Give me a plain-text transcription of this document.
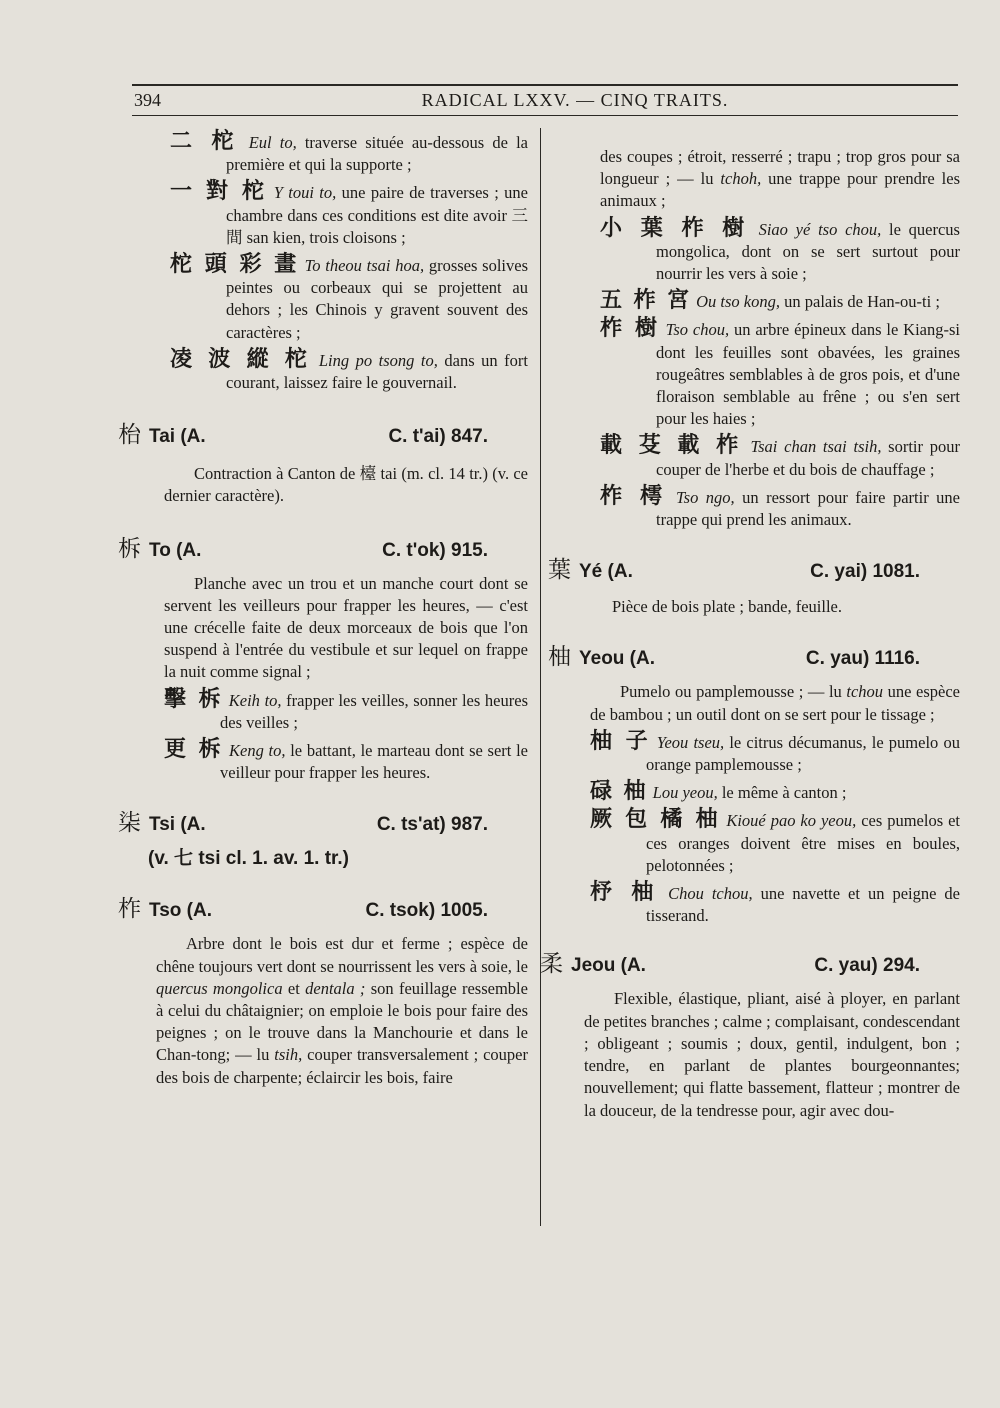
394	RADICAL LXXV. — CINQ TRAITS.

二 柁 Eul to, traverse située au-dessous de la première et qui la supporte ;

一 對 柁 Y toui to, une paire de traverses ; une chambre dans ces conditions est dite avoir 三 間 san kien, trois cloisons ;

柁 頭 彩 畫 To theou tsai hoa, grosses solives peintes ou corbeaux qui se projettent au dehors ; les Chinois y gravent souvent des caractères ;

凌 波 縱 柁 Ling po tsong to, dans un fort courant, laissez faire le gouvernail.

枱 Tai (A.	C. t'ai) 847.

Contraction à Canton de 檯 tai (m. cl. 14 tr.) (v. ce dernier caractère).

柝 To (A.	C. t'ok) 915.

Planche avec un trou et un manche court dont se servent les veilleurs pour frapper les heures, — c'est une crécelle faite de deux morceaux de bois que l'on suspend à l'entrée du vestibule et sur lequel on frappe la nuit comme signal ;

擊 柝 Keih to, frapper les veilles, sonner les heures des veilles ;

更 柝 Keng to, le battant, le marteau dont se sert le veilleur pour frapper les heures.

柒 Tsi (A.	C. ts'at) 987.
(v. 七 tsi cl. 1. av. 1. tr.)
柞 Tso (A.	C. tsok) 1005.

Arbre dont le bois est dur et ferme ; espèce de chêne toujours vert dont se nourrissent les vers à soie, le quercus mongolica et dentala ; son feuillage ressemble à celui du châtaignier; on emploie le bois pour faire des peignes ; on le trouve dans la Manchourie et dans le Chan-tong; — lu tsih, couper transversalement ; couper des bois de charpente; éclaircir les bois, faire

des coupes ; étroit, resserré ; trapu ; trop gros pour sa longueur ; — lu tchoh, une trappe pour prendre les animaux ;

小 葉 柞 樹 Siao yé tso chou, le quercus mongolica, dont on se sert surtout pour nourrir les vers à soie ;

五 柞 宮 Ou tso kong, un palais de Han-ou-ti ;

柞 樹 Tso chou, un arbre épineux dans le Kiang-si dont les feuilles sont obavées, les graines rougeâtres semblables à de gros pois, et d'une floraison semblable au frêne ; ou s'en sert pour les haies ;

載 芟 載 柞 Tsai chan tsai tsih, sortir pour couper de l'herbe et du bois de chauffage ;

柞 樗 Tso ngo, un ressort pour faire partir une trappe qui prend les animaux.

葉 Yé (A.	C. yai) 1081.

Pièce de bois plate ; bande, feuille.

柚 Yeou (A.	C. yau) 1116.

Pumelo ou pamplemousse ; — lu tchou une espèce de bambou ; un outil dont on se sert pour le tissage ;

柚 子 Yeou tseu, le citrus décumanus, le pumelo ou orange pamplemousse ;

碌 柚 Lou yeou, le même à canton ;

厥 包 橘 柚 Kioué pao ko yeou, ces pumelos et ces oranges doivent être mises en boules, pelotonnées ;

杼 柚 Chou tchou, une navette et un peigne de tisserand.

柔 Jeou (A.	C. yau) 294.

Flexible, élastique, pliant, aisé à ployer, en parlant de petites branches ; calme ; complaisant, condescendant ; obligeant ; soumis ; doux, gentil, indulgent, bon ; tendre, en parlant de plantes bourgeonnantes; nouvellement; qui flatte bassement, flatteur ; montrer de la douceur, de la tendresse pour, agir avec dou-
